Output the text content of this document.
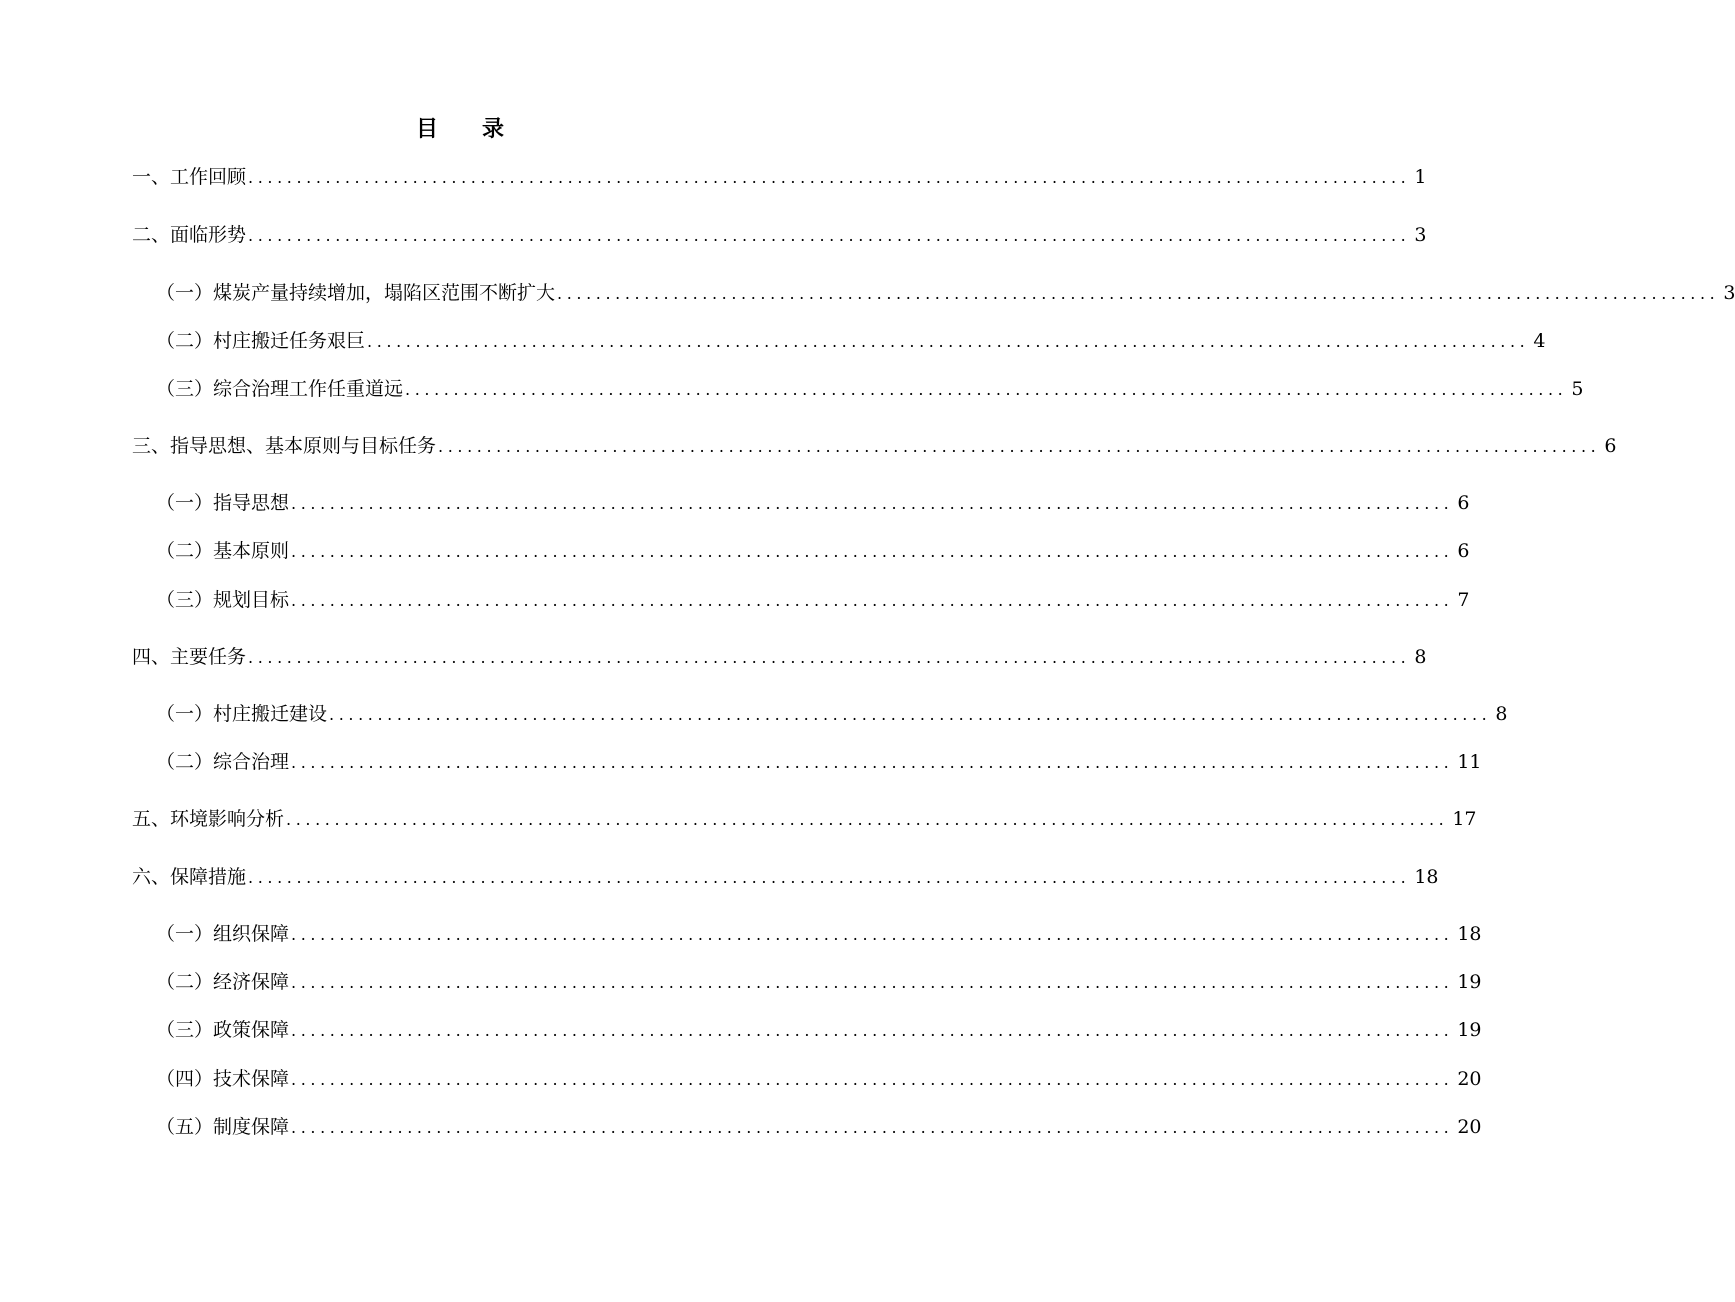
目 录
一、工作回顾 ........................................................................................................................ 1
二、面临形势 ........................................................................................................................ 3
（一）煤炭产量持续增加，塌陷区范围不断扩大 ........................................................................................................................ 3
（二）村庄搬迁任务艰巨 ........................................................................................................................ 4
（三）综合治理工作任重道远 ........................................................................................................................ 5
三、指导思想、基本原则与目标任务 ........................................................................................................................ 6
（一）指导思想 ........................................................................................................................ 6
（二）基本原则 ........................................................................................................................ 6
（三）规划目标 ........................................................................................................................ 7
四、主要任务 ........................................................................................................................ 8
（一）村庄搬迁建设 ........................................................................................................................ 8
（二）综合治理 ........................................................................................................................ 11
五、环境影响分析 ........................................................................................................................ 17
六、保障措施 ........................................................................................................................ 18
（一）组织保障 ........................................................................................................................ 18
（二）经济保障 ........................................................................................................................ 19
（三）政策保障 ........................................................................................................................ 19
（四）技术保障 ........................................................................................................................ 20
（五）制度保障 ........................................................................................................................ 20
